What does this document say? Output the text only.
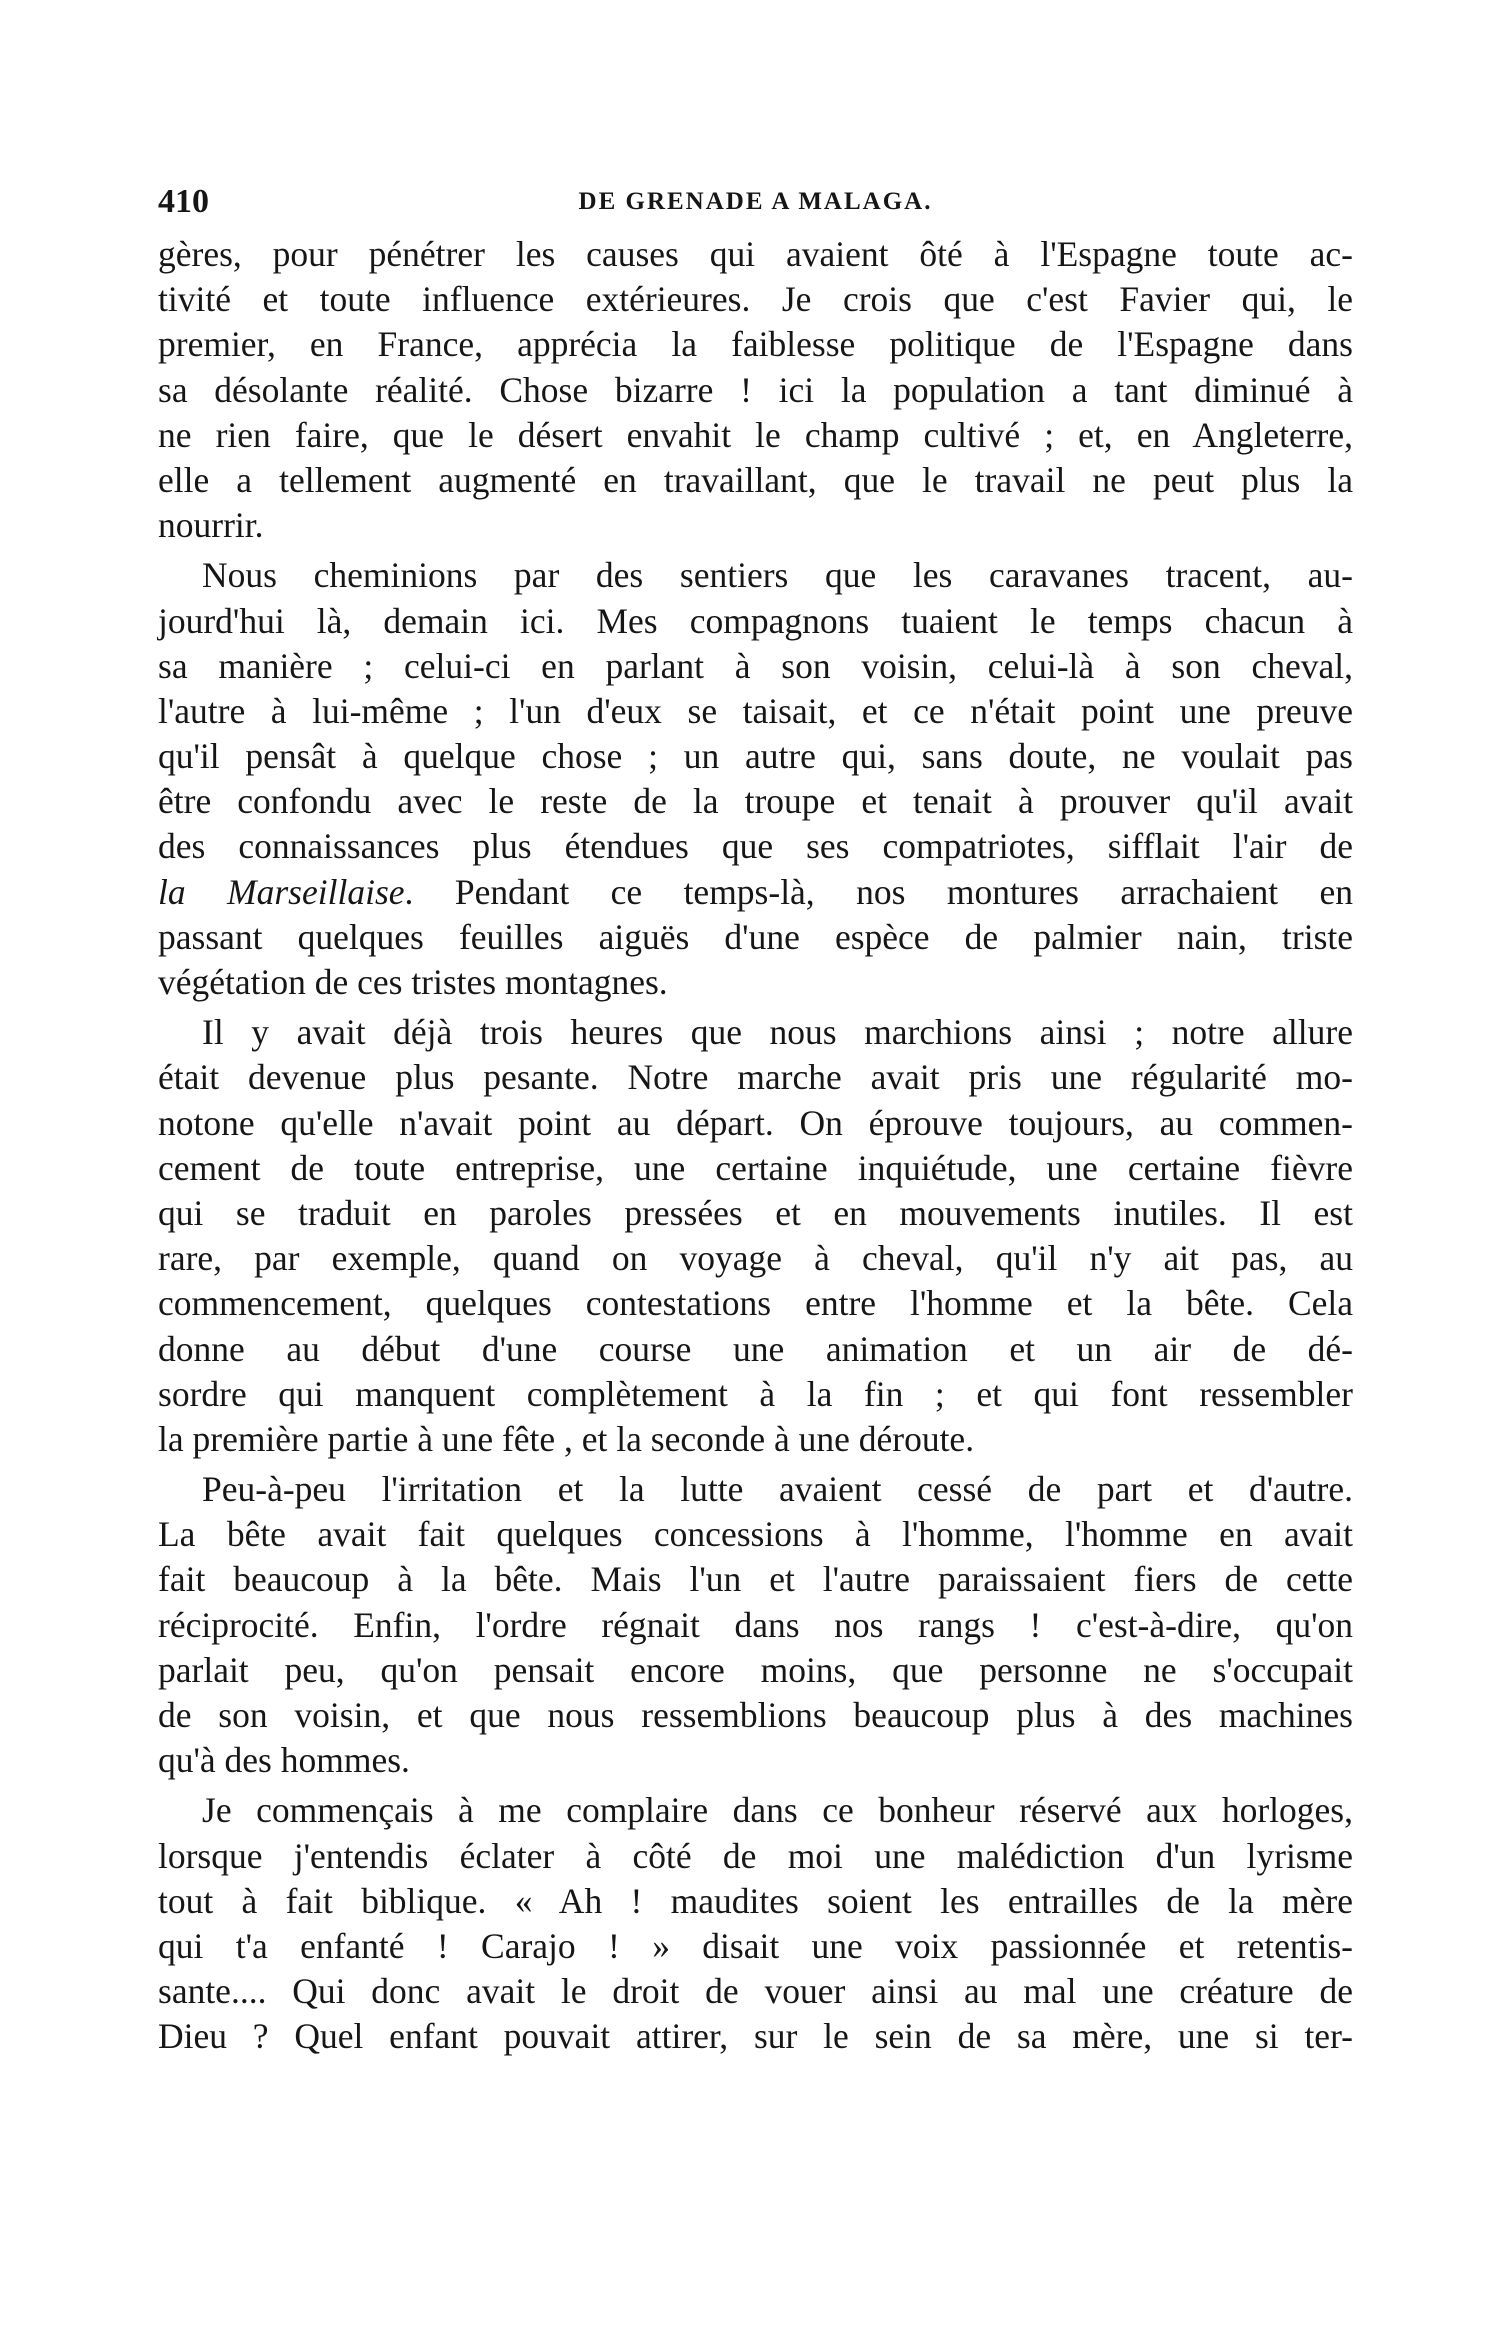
410	DE GRENADE A MALAGA.
gères, pour pénétrer les causes qui avaient ôté à l'Espagne toute ac-
tivité et toute influence extérieures. Je crois que c'est Favier qui, le
premier, en France, apprécia la faiblesse politique de l'Espagne dans
sa désolante réalité. Chose bizarre ! ici la population a tant diminué à
ne rien faire, que le désert envahit le champ cultivé ; et, en Angleterre,
elle a tellement augmenté en travaillant, que le travail ne peut plus la
nourrir.
Nous cheminions par des sentiers que les caravanes tracent, au-
jourd'hui là, demain ici. Mes compagnons tuaient le temps chacun à
sa manière ; celui-ci en parlant à son voisin, celui-là à son cheval,
l'autre à lui-même ; l'un d'eux se taisait, et ce n'était point une preuve
qu'il pensât à quelque chose ; un autre qui, sans doute, ne voulait pas
être confondu avec le reste de la troupe et tenait à prouver qu'il avait
des connaissances plus étendues que ses compatriotes, sifflait l'air de
la Marseillaise. Pendant ce temps-là, nos montures arrachaient en
passant quelques feuilles aiguës d'une espèce de palmier nain, triste
végétation de ces tristes montagnes.
Il y avait déjà trois heures que nous marchions ainsi ; notre allure
était devenue plus pesante. Notre marche avait pris une régularité mo-
notone qu'elle n'avait point au départ. On éprouve toujours, au commen-
cement de toute entreprise, une certaine inquiétude, une certaine fièvre
qui se traduit en paroles pressées et en mouvements inutiles. Il est
rare, par exemple, quand on voyage à cheval, qu'il n'y ait pas, au
commencement, quelques contestations entre l'homme et la bête. Cela
donne au début d'une course une animation et un air de dé-
sordre qui manquent complètement à la fin ; et qui font ressembler
la première partie à une fête , et la seconde à une déroute.
Peu-à-peu l'irritation et la lutte avaient cessé de part et d'autre.
La bête avait fait quelques concessions à l'homme, l'homme en avait
fait beaucoup à la bête. Mais l'un et l'autre paraissaient fiers de cette
réciprocité. Enfin, l'ordre régnait dans nos rangs ! c'est-à-dire, qu'on
parlait peu, qu'on pensait encore moins, que personne ne s'occupait
de son voisin, et que nous ressemblions beaucoup plus à des machines
qu'à des hommes.
Je commençais à me complaire dans ce bonheur réservé aux horloges,
lorsque j'entendis éclater à côté de moi une malédiction d'un lyrisme
tout à fait biblique. « Ah ! maudites soient les entrailles de la mère
qui t'a enfanté ! Carajo ! » disait une voix passionnée et retentis-
sante.... Qui donc avait le droit de vouer ainsi au mal une créature de
Dieu ? Quel enfant pouvait attirer, sur le sein de sa mère, une si ter-
